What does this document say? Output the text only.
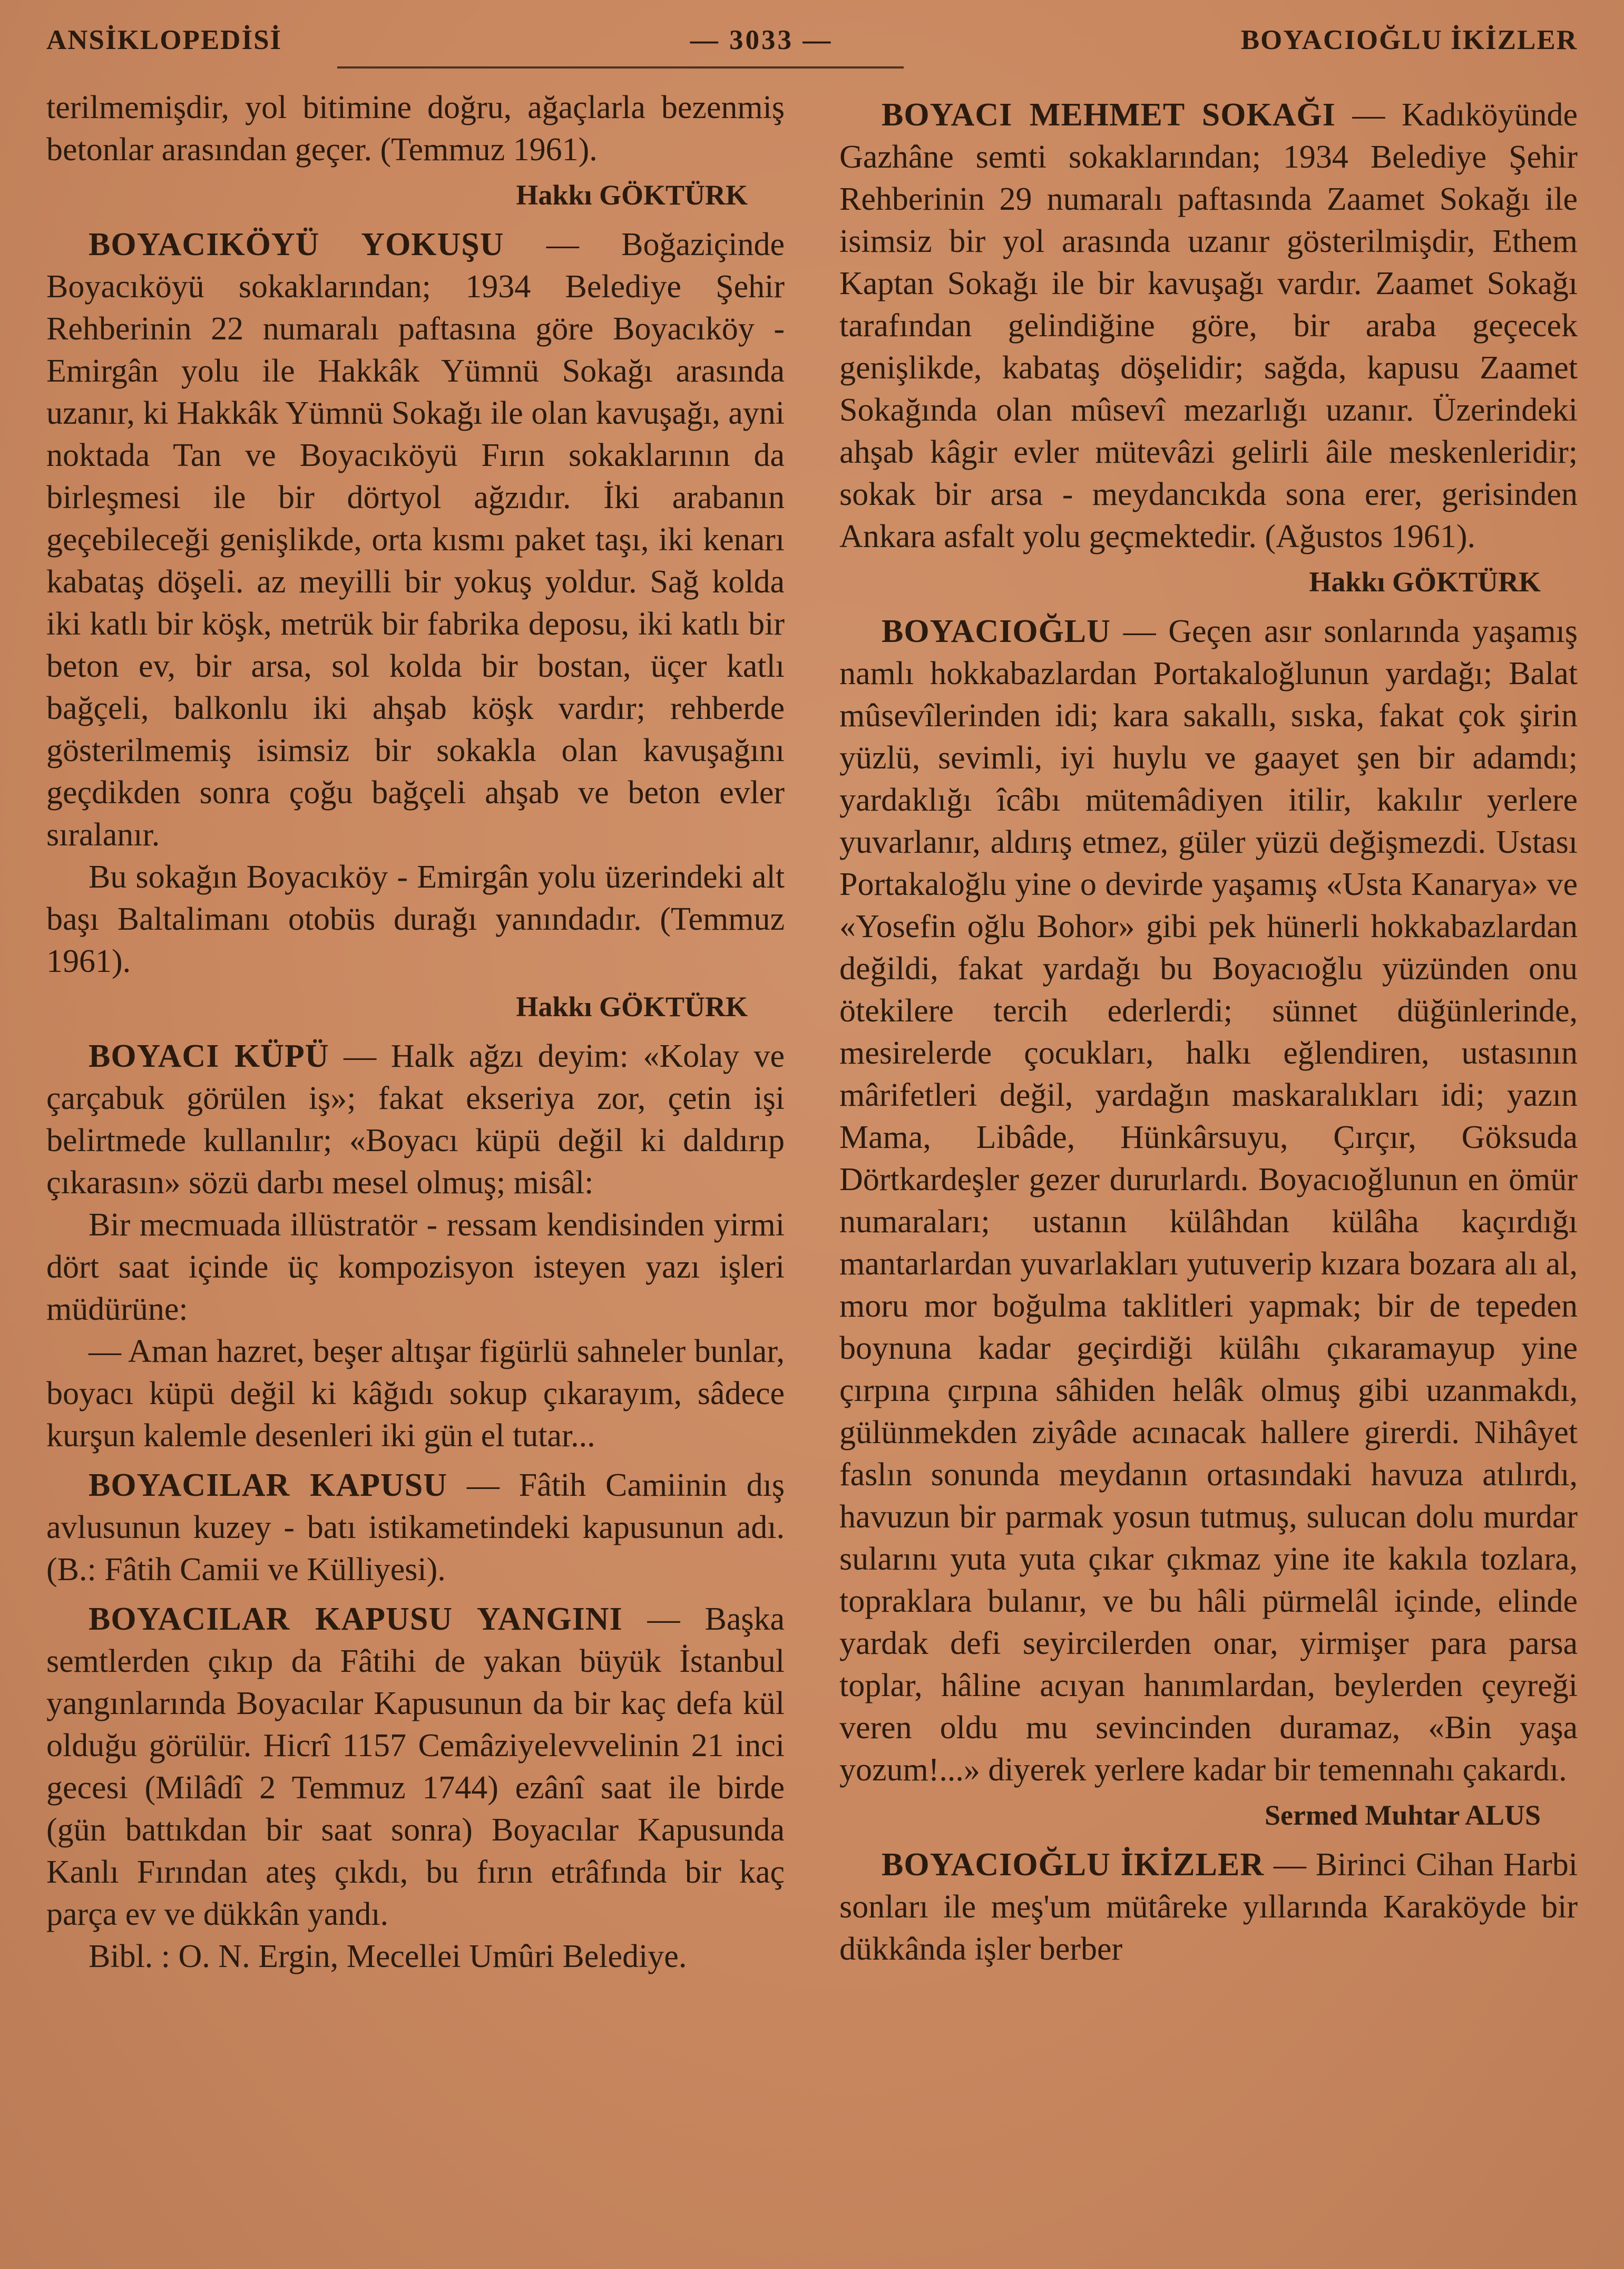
ANSİKLOPEDİSİ	— 3033 —	BOYACIOĞLU İKİZLER

terilmemişdir, yol bitimine doğru, ağaçlarla bezenmiş betonlar arasından geçer. (Temmuz 1961).

Hakkı GÖKTÜRK

BOYACIKÖYÜ YOKUŞU — Boğaziçinde Boyacıköyü sokaklarından; 1934 Belediye Şehir Rehberinin 22 numaralı paftasına göre Boyacıköy - Emirgân yolu ile Hakkâk Yümnü Sokağı arasında uzanır, ki Hakkâk Yümnü Sokağı ile olan kavuşağı, ayni noktada Tan ve Boyacıköyü Fırın sokaklarının da birleşmesi ile bir dörtyol ağzıdır. İki arabanın geçebileceği genişlikde, orta kısmı paket taşı, iki kenarı kabataş döşeli. az meyilli bir yokuş yoldur. Sağ kolda iki katlı bir köşk, metrük bir fabrika deposu, iki katlı bir beton ev, bir arsa, sol kolda bir bostan, üçer katlı bağçeli, balkonlu iki ahşab köşk vardır; rehberde gösterilmemiş isimsiz bir sokakla olan kavuşağını geçdikden sonra çoğu bağçeli ahşab ve beton evler sıralanır.

Bu sokağın Boyacıköy - Emirgân yolu üzerindeki alt başı Baltalimanı otobüs durağı yanındadır. (Temmuz 1961).

Hakkı GÖKTÜRK

BOYACI KÜPÜ — Halk ağzı deyim: «Kolay ve çarçabuk görülen iş»; fakat ekseriya zor, çetin işi belirtmede kullanılır; «Boyacı küpü değil ki daldırıp çıkarasın» sözü darbı mesel olmuş; misâl:

Bir mecmuada illüstratör - ressam kendisinden yirmi dört saat içinde üç kompozisyon isteyen yazı işleri müdürüne:

— Aman hazret, beşer altışar figürlü sahneler bunlar, boyacı küpü değil ki kâğıdı sokup çıkarayım, sâdece kurşun kalemle desenleri iki gün el tutar...

BOYACILAR KAPUSU — Fâtih Camiinin dış avlusunun kuzey - batı istikametindeki kapusunun adı. (B.: Fâtih Camii ve Külliyesi).

BOYACILAR KAPUSU YANGINI — Başka semtlerden çıkıp da Fâtihi de yakan büyük İstanbul yangınlarında Boyacılar Kapusunun da bir kaç defa kül olduğu görülür. Hicrî 1157 Cemâziyelevvelinin 21 inci gecesi (Milâdî 2 Temmuz 1744) ezânî saat ile birde (gün battıkdan bir saat sonra) Boyacılar Kapusunda Kanlı Fırından ateş çıkdı, bu fırın etrâfında bir kaç parça ev ve dükkân yandı.

Bibl. : O. N. Ergin, Mecellei Umûri Belediye.

BOYACI MEHMET SOKAĞI — Kadıköyünde Gazhâne semti sokaklarından; 1934 Belediye Şehir Rehberinin 29 numaralı paftasında Zaamet Sokağı ile isimsiz bir yol arasında uzanır gösterilmişdir, Ethem Kaptan Sokağı ile bir kavuşağı vardır. Zaamet Sokağı tarafından gelindiğine göre, bir araba geçecek genişlikde, kabataş döşelidir; sağda, kapusu Zaamet Sokağında olan mûsevî mezarlığı uzanır. Üzerindeki ahşab kâgir evler mütevâzi gelirli âile meskenleridir; sokak bir arsa - meydancıkda sona erer, gerisinden Ankara asfalt yolu geçmektedir. (Ağustos 1961).

Hakkı GÖKTÜRK

BOYACIOĞLU — Geçen asır sonlarında yaşamış namlı hokkabazlardan Portakaloğlunun yardağı; Balat mûsevîlerinden idi; kara sakallı, sıska, fakat çok şirin yüzlü, sevimli, iyi huylu ve gaayet şen bir adamdı; yardaklığı îcâbı mütemâdiyen itilir, kakılır yerlere yuvarlanır, aldırış etmez, güler yüzü değişmezdi. Ustası Portakaloğlu yine o devirde yaşamış «Usta Kanarya» ve «Yosefin oğlu Bohor» gibi pek hünerli hokkabazlardan değildi, fakat yardağı bu Boyacıoğlu yüzünden onu ötekilere tercih ederlerdi; sünnet düğünlerinde, mesirelerde çocukları, halkı eğlendiren, ustasının mârifetleri değil, yardağın maskaralıkları idi; yazın Mama, Libâde, Hünkârsuyu, Çırçır, Göksuda Dörtkardeşler gezer dururlardı. Boyacıoğlunun en ömür numaraları; ustanın külâhdan külâha kaçırdığı mantarlardan yuvarlakları yutuverip kızara bozara alı al, moru mor boğulma taklitleri yapmak; bir de tepeden boynuna kadar geçirdiği külâhı çıkaramayup yine çırpına çırpına sâhiden helâk olmuş gibi uzanmakdı, gülünmekden ziyâde acınacak hallere girerdi. Nihâyet faslın sonunda meydanın ortasındaki havuza atılırdı, havuzun bir parmak yosun tutmuş, sulucan dolu murdar sularını yuta yuta çıkar çıkmaz yine ite kakıla tozlara, topraklara bulanır, ve bu hâli pürmelâl içinde, elinde yardak defi seyircilerden onar, yirmişer para parsa toplar, hâline acıyan hanımlardan, beylerden çeyreği veren oldu mu sevincinden duramaz, «Bin yaşa yozum!...» diyerek yerlere kadar bir temennahı çakardı.

Sermed Muhtar ALUS

BOYACIOĞLU İKİZLER — Birinci Cihan Harbi sonları ile meş'um mütâreke yıllarında Karaköyde bir dükkânda işler berber
